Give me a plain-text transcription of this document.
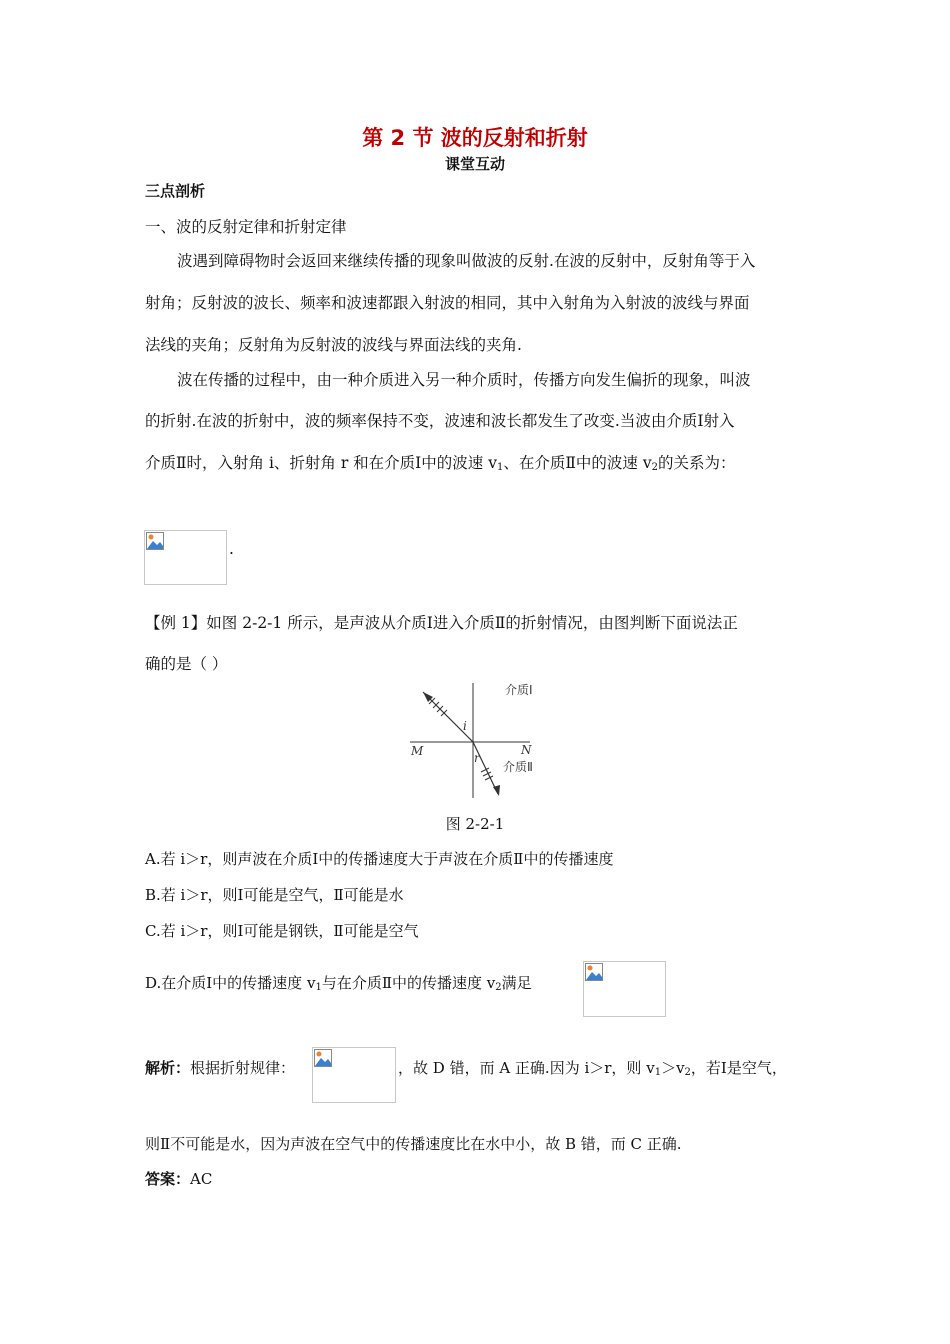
第 2 节 波的反射和折射
课堂互动
三点剖析
一、波的反射定律和折射定律
波遇到障碍物时会返回来继续传播的现象叫做波的反射.在波的反射中，反射角等于入
射角；反射波的波长、频率和波速都跟入射波的相同，其中入射角为入射波的波线与界面
法线的夹角；反射角为反射波的波线与界面法线的夹角.
波在传播的过程中，由一种介质进入另一种介质时，传播方向发生偏折的现象，叫波
的折射.在波的折射中，波的频率保持不变，波速和波长都发生了改变.当波由介质Ⅰ射入
介质Ⅱ时，入射角 i、折射角 r 和在介质Ⅰ中的波速 $v_1$、在介质Ⅱ中的波速 $v_2$的关系为：
.
【例 1】如图 2-2-1 所示，是声波从介质Ⅰ进入介质Ⅱ的折射情况，由图判断下面说法正
确的是（ ）
介质Ⅰ
介质Ⅱ
M	N
i
r
图 2-2-1
A.若 i＞r，则声波在介质Ⅰ中的传播速度大于声波在介质Ⅱ中的传播速度
B.若 i＞r，则Ⅰ可能是空气，Ⅱ可能是水
C.若 i＞r，则Ⅰ可能是钢铁，Ⅱ可能是空气
D.在介质Ⅰ中的传播速度 $v_1$与在介质Ⅱ中的传播速度 $v_2$满足
解析：根据折射规律：	，故 D 错，而 A 正确.因为 i＞r，则 $v_1>v_2$，若Ⅰ是空气，
则Ⅱ不可能是水，因为声波在空气中的传播速度比在水中小，故 B 错，而 C 正确.
答案：AC
